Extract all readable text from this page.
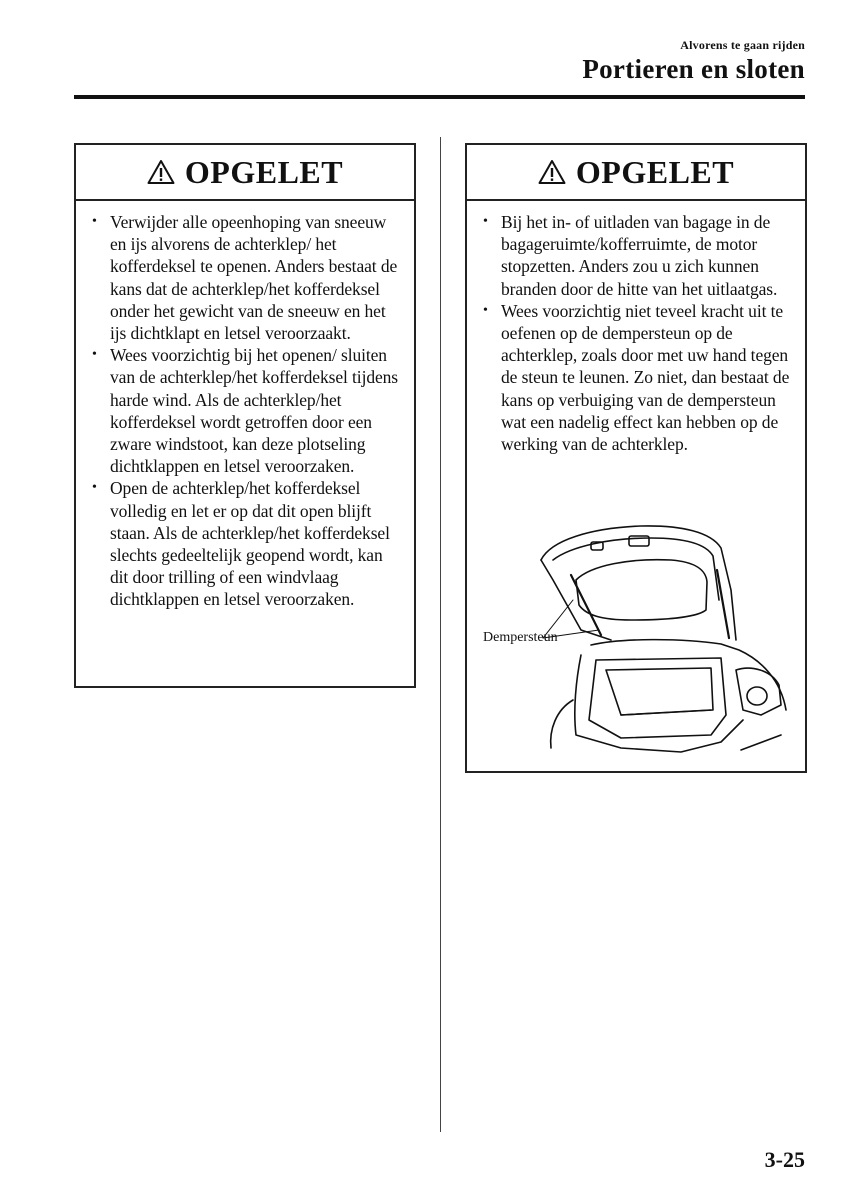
Alvorens te gaan rijden
Portieren en sloten
OPGELET
• Verwijder alle opeenhoping van sneeuw en ijs alvorens de achterklep/ het kofferdeksel te openen. Anders bestaat de kans dat de achterklep/het kofferdeksel onder het gewicht van de sneeuw en het ijs dichtklapt en letsel veroorzaakt.
• Wees voorzichtig bij het openen/ sluiten van de achterklep/het kofferdeksel tijdens harde wind. Als de achterklep/het kofferdeksel wordt getroffen door een zware windstoot, kan deze plotseling dichtklappen en letsel veroorzaken.
• Open de achterklep/het kofferdeksel volledig en let er op dat dit open blijft staan. Als de achterklep/het kofferdeksel slechts gedeeltelijk geopend wordt, kan dit door trilling of een windvlaag dichtklappen en letsel veroorzaken.
OPGELET
• Bij het in- of uitladen van bagage in de bagageruimte/kofferruimte, de motor stopzetten. Anders zou u zich kunnen branden door de hitte van het uitlaatgas.
• Wees voorzichtig niet teveel kracht uit te oefenen op de dempersteun op de achterklep, zoals door met uw hand tegen de steun te leunen. Zo niet, dan bestaat de kans op verbuiging van de dempersteun wat een nadelig effect kan hebben op de werking van de achterklep.
Dempersteun
3-25
